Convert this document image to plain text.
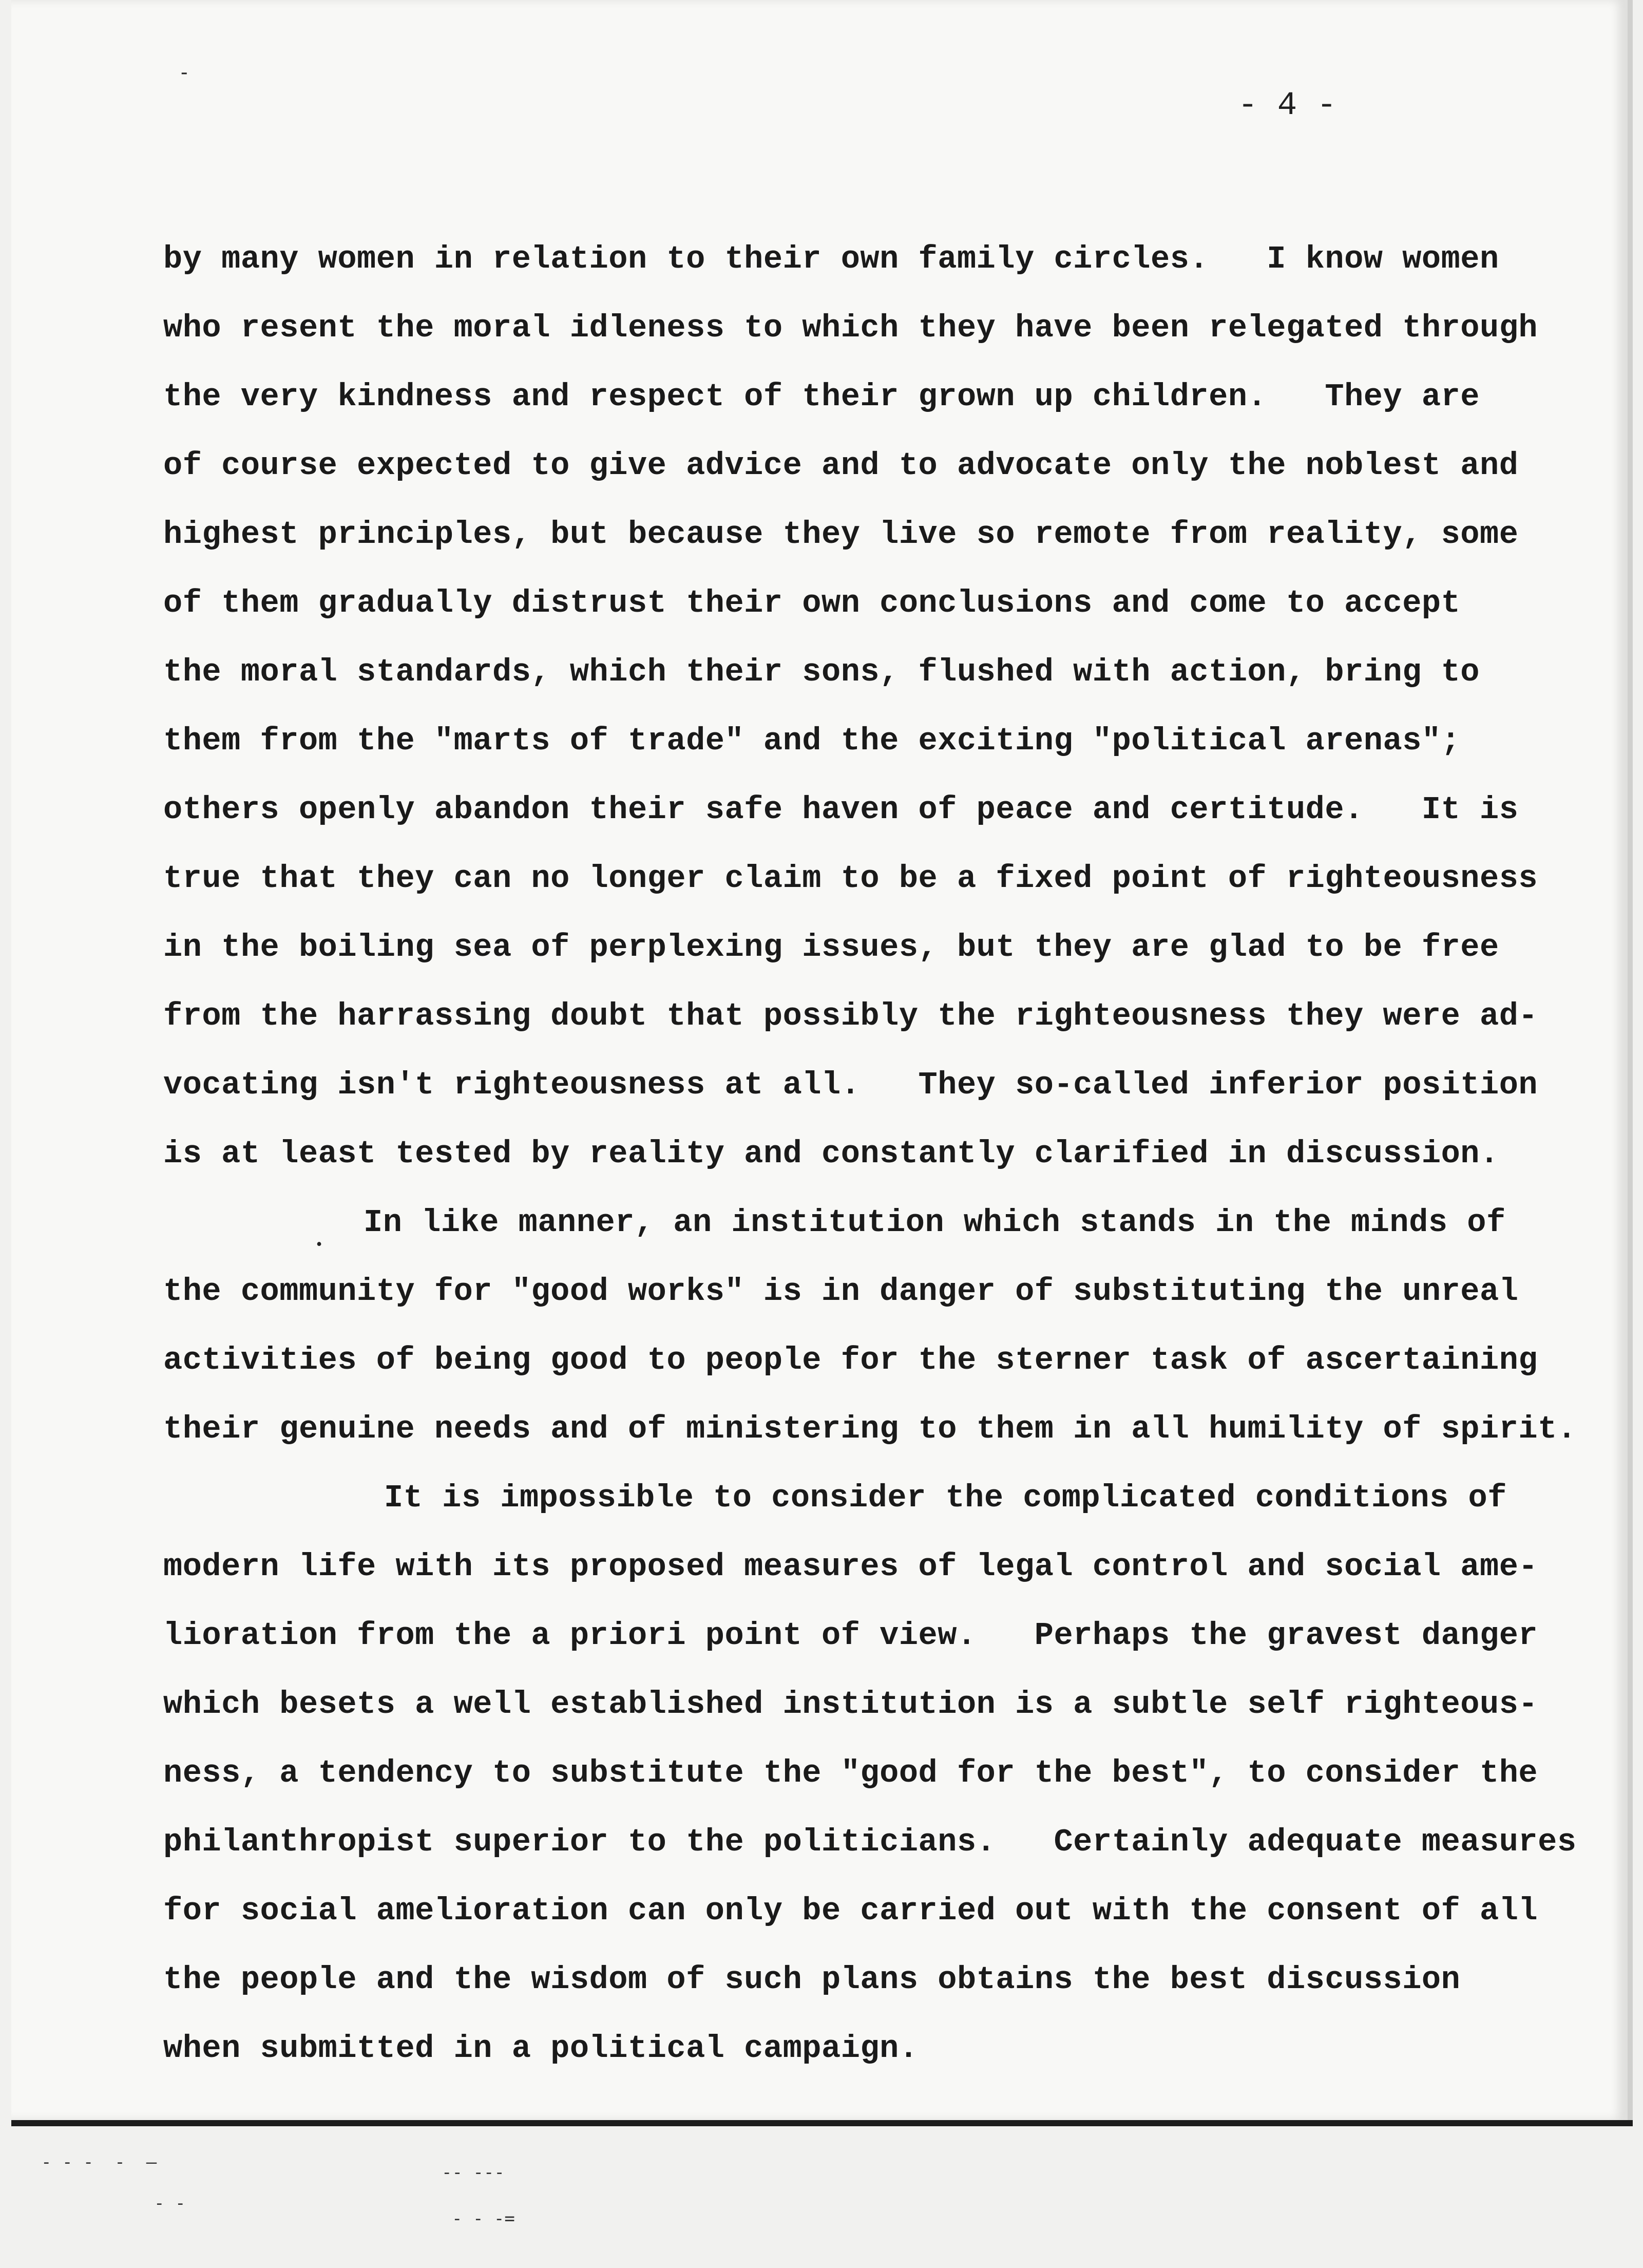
- 4 -
-
by many women in relation to their own family circles.   I know women
who resent the moral idleness to which they have been relegated through
the very kindness and respect of their grown up children.   They are
of course expected to give advice and to advocate only the noblest and
highest principles, but because they live so remote from reality, some
of them gradually distrust their own conclusions and come to accept
the moral standards, which their sons, flushed with action, bring to
them from the "marts of trade" and the exciting "political arenas";
others openly abandon their safe haven of peace and certitude.   It is
true that they can no longer claim to be a fixed point of righteousness
in the boiling sea of perplexing issues, but they are glad to be free
from the harrassing doubt that possibly the righteousness they were ad-
vocating isn't righteousness at all.   They so-called inferior position
is at least tested by reality and constantly clarified in discussion.
In like manner, an institution which stands in the minds of
the community for "good works" is in danger of substituting the unreal
activities of being good to people for the sterner task of ascertaining
their genuine needs and of ministering to them in all humility of spirit.
It is impossible to consider the complicated conditions of
modern life with its proposed measures of legal control and social ame-
lioration from the a priori point of view.   Perhaps the gravest danger
which besets a well established institution is a subtle self righteous-
ness, a tendency to substitute the "good for the best", to consider the
philanthropist superior to the politicians.   Certainly adequate measures
for social amelioration can only be carried out with the consent of all
the people and the wisdom of such plans obtains the best discussion
when submitted in a political campaign.
.
- - -  -  —
- -
-- ---
- - -=
